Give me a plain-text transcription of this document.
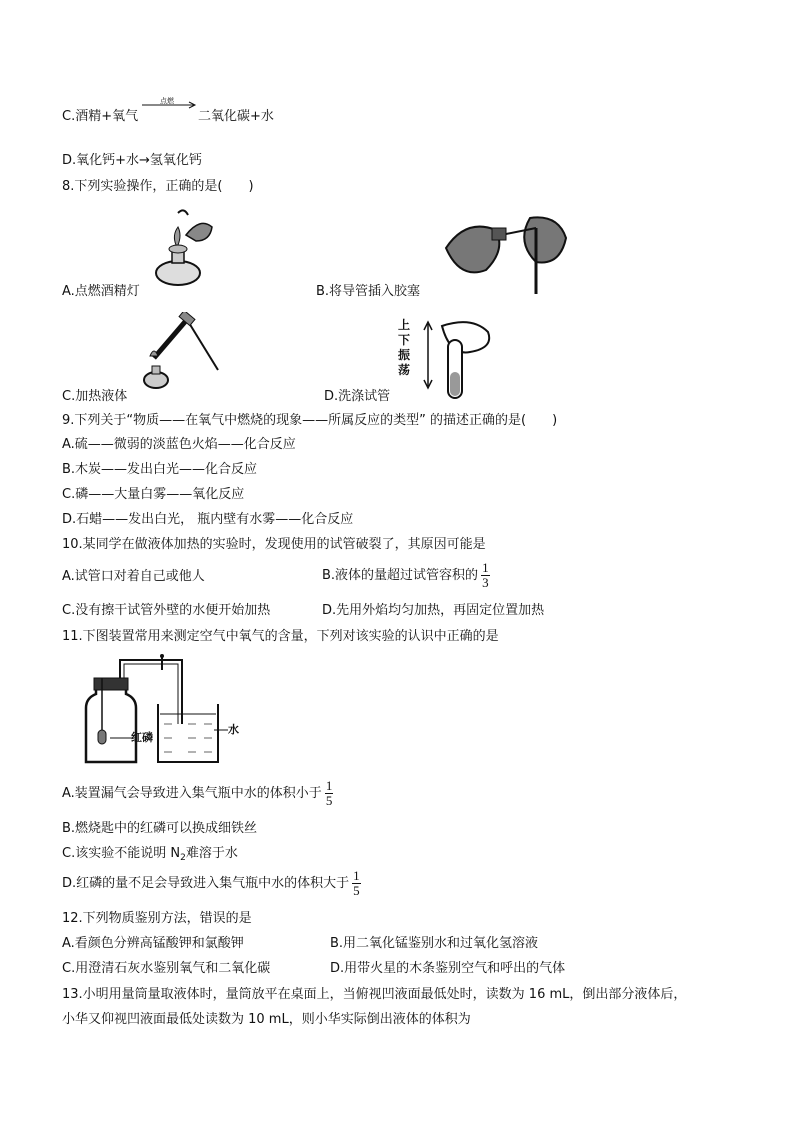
C.酒精+氧气
点燃
二氧化碳+水
D.氧化钙+水→氢氧化钙
8.下列实验操作，正确的是(　　)
A.点燃酒精灯	B.将导管插入胶塞
C.加热液体
上下振荡
D.洗涤试管
9.下列关于“物质——在氧气中燃烧的现象——所属反应的类型” 的描述正确的是(　　)
A.硫——微弱的淡蓝色火焰——化合反应
B.木炭——发出白光——化合反应
C.磷——大量白雾——氧化反应
D.石蜡——发出白光， 瓶内壁有水雾——化合反应
10.某同学在做液体加热的实验时，发现使用的试管破裂了，其原因可能是
A.试管口对着自己或他人	B.液体的量超过试管容积的 $\frac{1}{3}$
C.没有擦干试管外壁的水便开始加热	D.先用外焰均匀加热，再固定位置加热
11.下图装置常用来测定空气中氧气的含量，下列对该实验的认识中正确的是
红磷
水
A.装置漏气会导致进入集气瓶中水的体积小于 $\frac{1}{5}$
B.燃烧匙中的红磷可以换成细铁丝
C.该实验不能说明 $N_2$难溶于水
D.红磷的量不足会导致进入集气瓶中水的体积大于 $\frac{1}{5}$
12.下列物质鉴别方法，错误的是
A.看颜色分辨高锰酸钾和氯酸钾	B.用二氧化锰鉴别水和过氧化氢溶液
C.用澄清石灰水鉴别氧气和二氧化碳	D.用带火星的木条鉴别空气和呼出的气体
13.小明用量筒量取液体时，量筒放平在桌面上，当俯视凹液面最低处时，读数为 16 mL，倒出部分液体后，
小华又仰视凹液面最低处读数为 10 mL，则小华实际倒出液体的体积为
